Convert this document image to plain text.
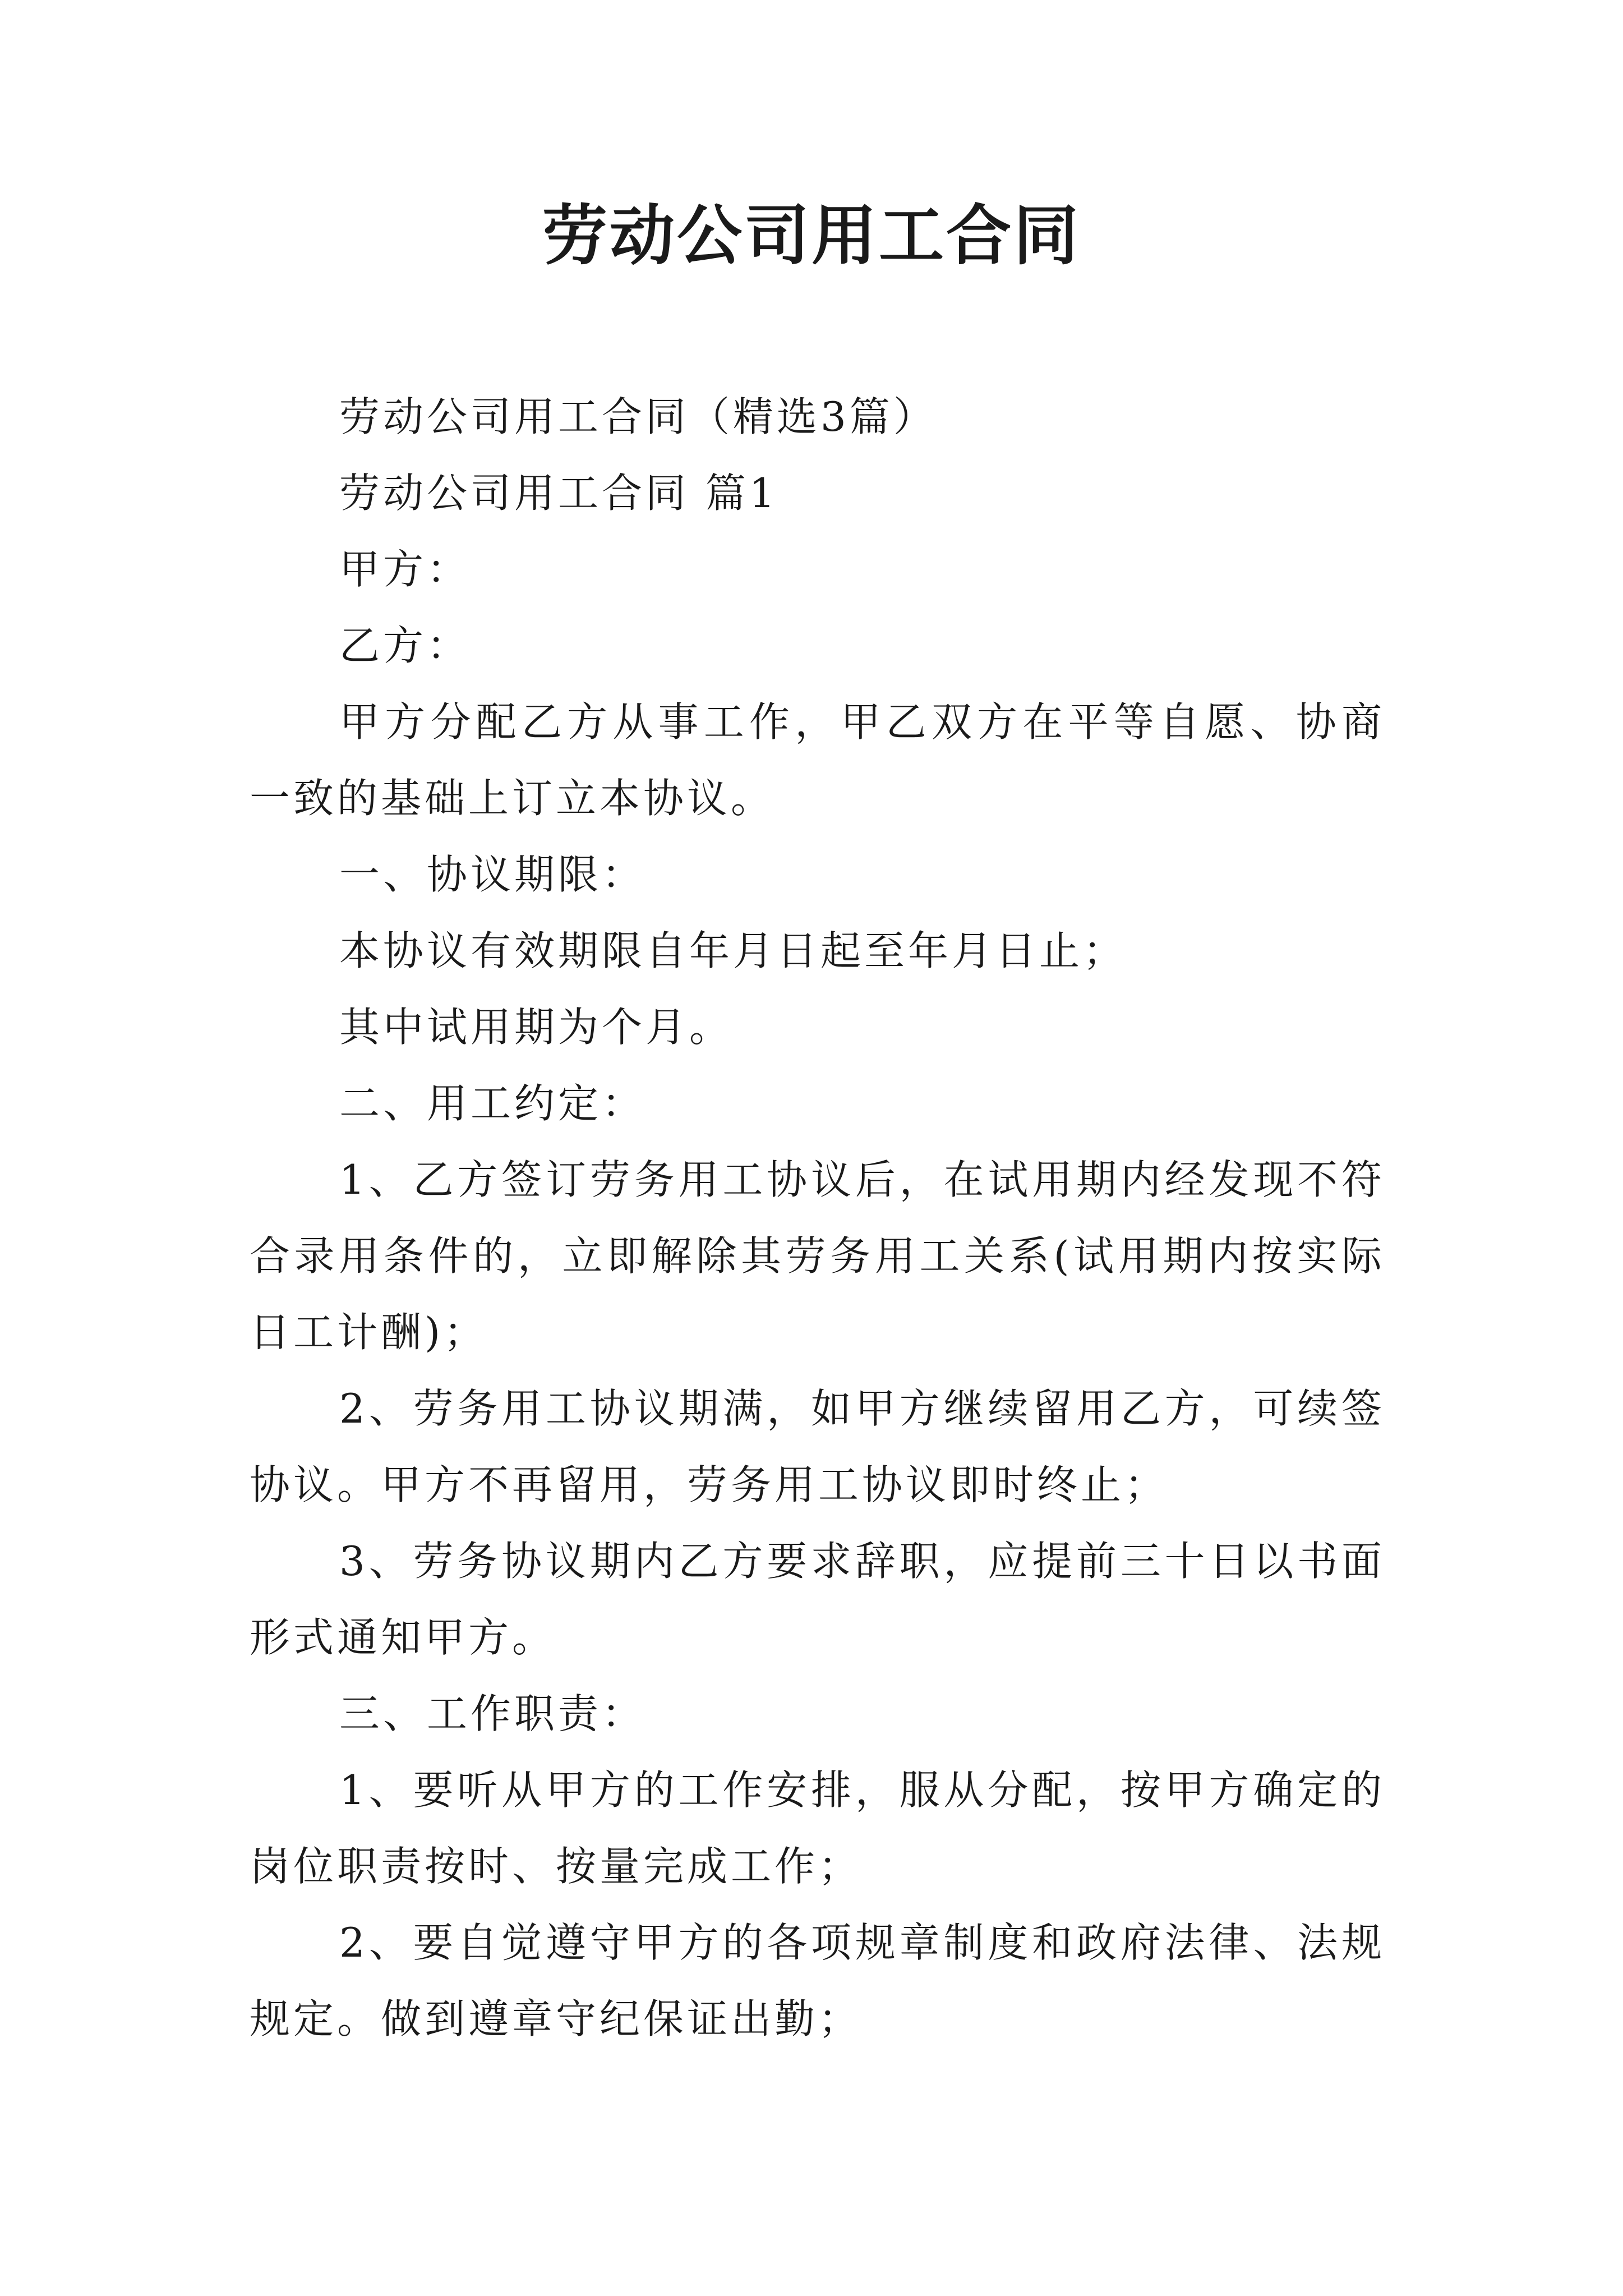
劳动公司用工合同

劳动公司用工合同（精选3篇）

劳动公司用工合同 篇1

甲方：

乙方：

甲方分配乙方从事工作，甲乙双方在平等自愿、协商一致的基础上订立本协议。

一、协议期限：

本协议有效期限自年月日起至年月日止；

其中试用期为个月。

二、用工约定：

1、乙方签订劳务用工协议后，在试用期内经发现不符合录用条件的，立即解除其劳务用工关系(试用期内按实际日工计酬)；

2、劳务用工协议期满，如甲方继续留用乙方，可续签协议。甲方不再留用，劳务用工协议即时终止；

3、劳务协议期内乙方要求辞职，应提前三十日以书面形式通知甲方。

三、工作职责：

1、要听从甲方的工作安排，服从分配，按甲方确定的岗位职责按时、按量完成工作；

2、要自觉遵守甲方的各项规章制度和政府法律、法规规定。做到遵章守纪保证出勤；
